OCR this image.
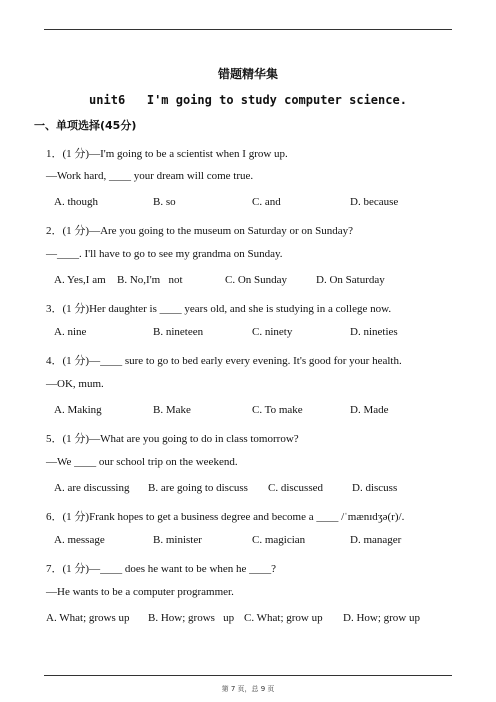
错题精华集
unit6   I'm going to study computer science.
一、单项选择(45分)
1．(1 分)—I'm going to be a scientist when I grow up.
—Work hard, ____ your dream will come true.
A. though	B. so	C. and	D. because
2．(1 分)—Are you going to the museum on Saturday or on Sunday?
—____. I'll have to go to see my grandma on Sunday.
A. Yes,I am B. No,I'm   not	C. On Sunday	D. On Saturday
3．(1 分)Her daughter is ____ years old, and she is studying in a college now.
A. nine	B. nineteen	C. ninety	D. nineties
4．(1 分)—____ sure to go to bed early every evening. It's good for your health.
—OK, mum.
A. Making	B. Make	C. To make	D. Made
5．(1 分)—What are you going to do in class tomorrow?
—We ____ our school trip on the weekend.
A. are discussing B. are going to discuss C. discussed	D. discuss
6．(1 分)Frank hopes to get a business degree and become a ____ /ˈmænɪdʒə(r)/.
A. message	B. minister	C. magician	D. manager
7．(1 分)—____ does he want to be when he ____?
—He wants to be a computer programmer.
A. What; grows up B. How; grows   up C. What; grow up D. How; grow up
第 7 页，总 9 页
